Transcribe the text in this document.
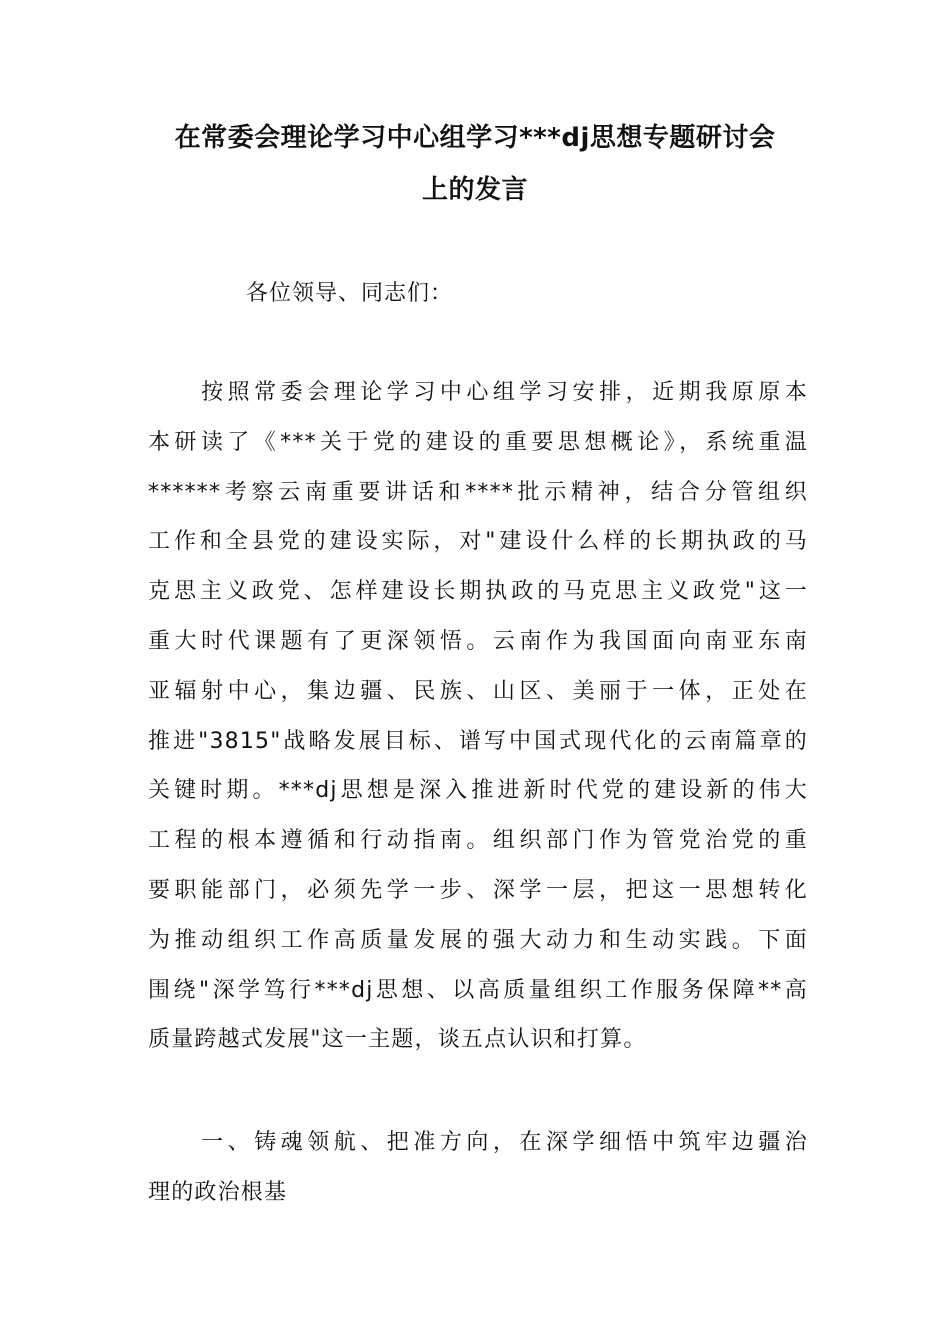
在常委会理论学习中心组学习***dj思想专题研讨会
上的发言
各位领导、同志们：
　　按照常委会理论学习中心组学习安排，近期我原原本
本研读了《***关于党的建设的重要思想概论》，系统重温
******考察云南重要讲话和****批示精神，结合分管组织
工作和全县党的建设实际，对"建设什么样的长期执政的马
克思主义政党、怎样建设长期执政的马克思主义政党"这一
重大时代课题有了更深领悟。云南作为我国面向南亚东南
亚辐射中心，集边疆、民族、山区、美丽于一体，正处在
推进"3815"战略发展目标、谱写中国式现代化的云南篇章的
关键时期。***dj思想是深入推进新时代党的建设新的伟大
工程的根本遵循和行动指南。组织部门作为管党治党的重
要职能部门，必须先学一步、深学一层，把这一思想转化
为推动组织工作高质量发展的强大动力和生动实践。下面
围绕"深学笃行***dj思想、以高质量组织工作服务保障**高
质量跨越式发展"这一主题，谈五点认识和打算。
　　一、铸魂领航、把准方向，在深学细悟中筑牢边疆治
理的政治根基
